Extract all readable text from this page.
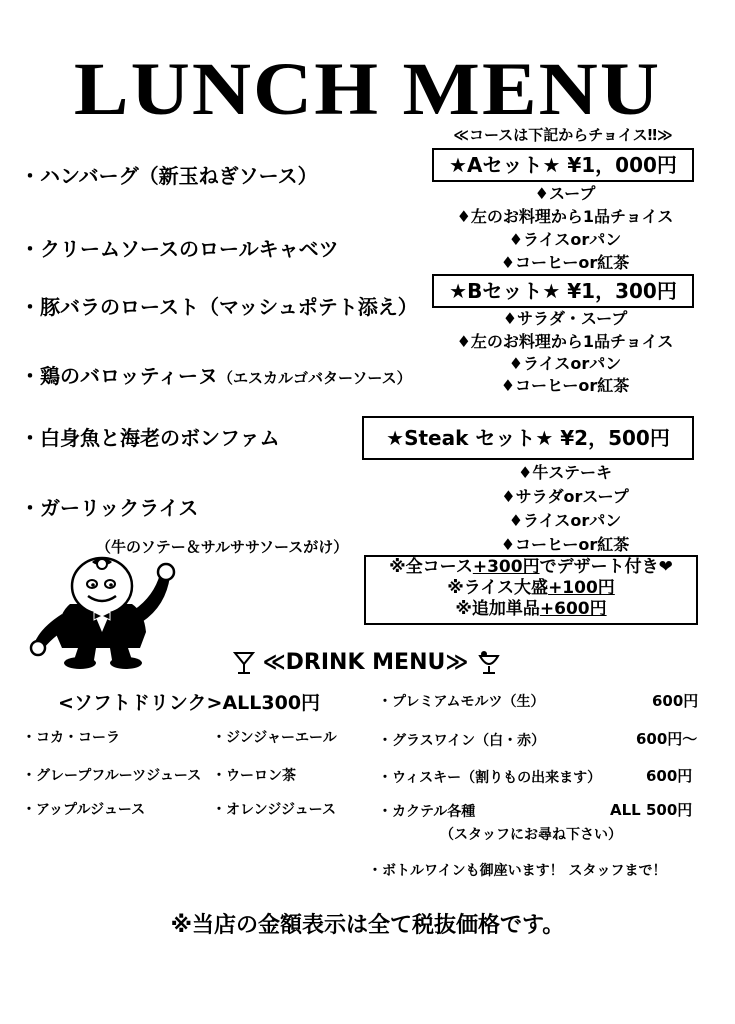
LUNCH MENU
・ハンバーグ（新玉ねぎソース）
・クリームソースのロールキャベツ
・豚バラのロースト（マッシュポテト添え）
・鶏のバロッティーヌ（エスカルゴバターソース）
・白身魚と海老のボンファム
・ガーリックライス
（牛のソテー＆サルササソースがけ）
≪コースは下記からチョイス‼≫
★Aセット★ ¥1，000円
♦スープ
♦左のお料理から1品チョイス
♦ライスorパン
♦コーヒーor紅茶
★Bセット★ ¥1，300円
♦サラダ・スープ
♦左のお料理から1品チョイス
♦ライスorパン
♦コーヒーor紅茶
★Steak セット★ ¥2，500円
♦牛ステーキ
♦サラダorスープ
♦ライスorパン
♦コーヒーor紅茶
※全コース+300円でデザート付き❤
※ライス大盛+100円
※追加単品+600円
≪DRINK MENU≫
<ソフトドリンク>ALL300円
・コカ・コーラ	・ジンジャーエール
・グレープフルーツジュース ・ウーロン茶
・アップルジュース	・オレンジジュース
・プレミアムモルツ（生）	600円
・グラスワイン（白・赤）	600円～
・ウィスキー（割りもの出来ます）	600円
・カクテル各種	ALL 500円
（スタッフにお尋ね下さい）
・ボトルワインも御座います！ スタッフまで！
※当店の金額表示は全て税抜価格です。
